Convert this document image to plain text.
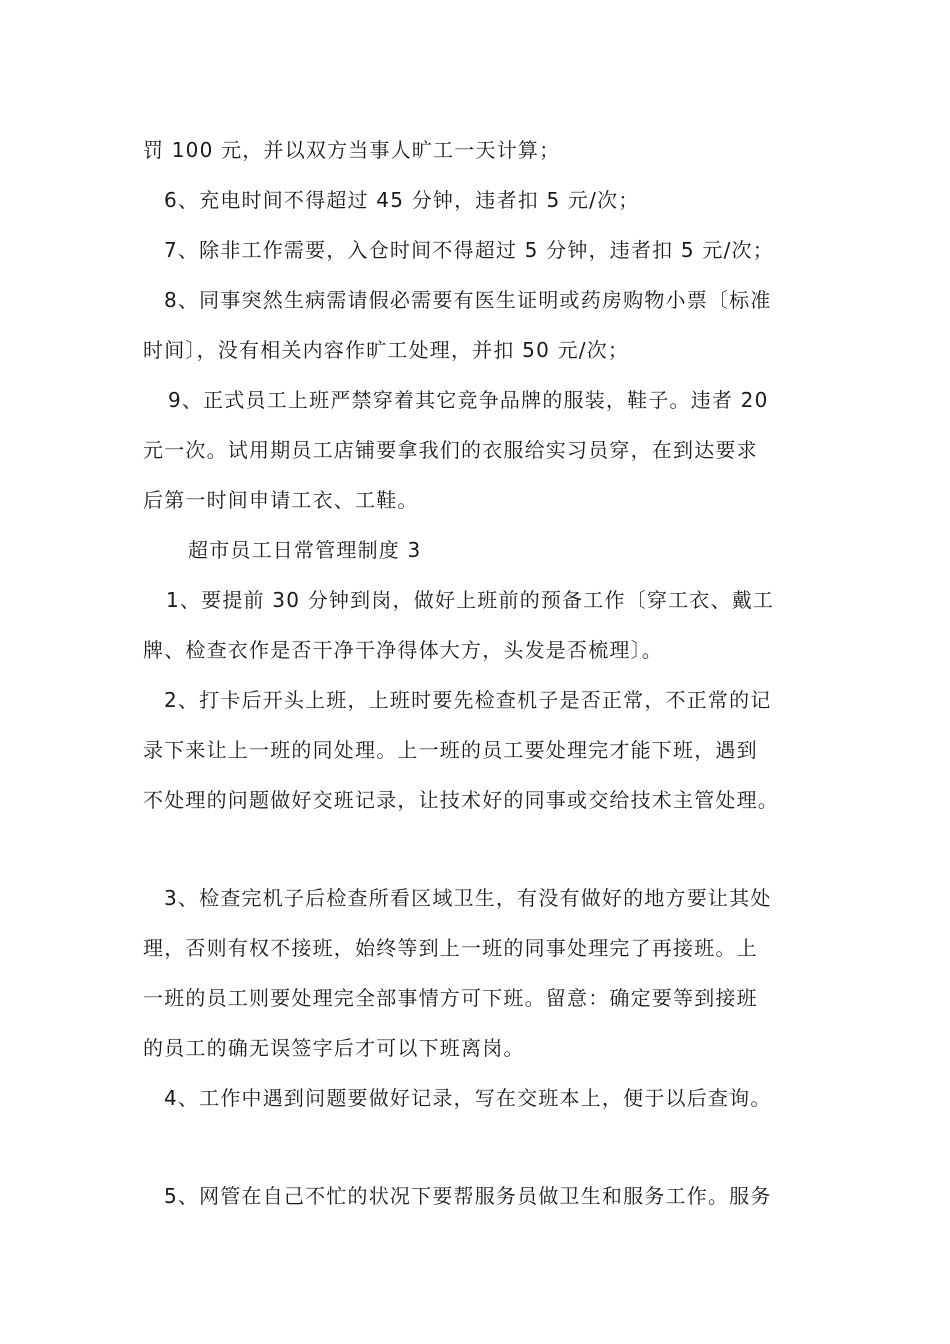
罚 100 元，并以双方当事人旷工一天计算；
6、充电时间不得超过 45 分钟，违者扣 5 元/次；
7、除非工作需要，入仓时间不得超过 5 分钟，违者扣 5 元/次；
8、同事突然生病需请假必需要有医生证明或药房购物小票〔标准
时间〕，没有相关内容作旷工处理，并扣 50 元/次；
9、正式员工上班严禁穿着其它竞争品牌的服装，鞋子。违者 20
元一次。试用期员工店铺要拿我们的衣服给实习员穿，在到达要求
后第一时间申请工衣、工鞋。
超市员工日常管理制度 3
1、要提前 30 分钟到岗，做好上班前的预备工作〔穿工衣、戴工
牌、检查衣作是否干净干净得体大方，头发是否梳理〕。
2、打卡后开头上班，上班时要先检查机子是否正常，不正常的记
录下来让上一班的同处理。上一班的员工要处理完才能下班，遇到
不处理的问题做好交班记录，让技术好的同事或交给技术主管处理。
3、检查完机子后检查所看区域卫生，有没有做好的地方要让其处
理，否则有权不接班，始终等到上一班的同事处理完了再接班。上
一班的员工则要处理完全部事情方可下班。留意：确定要等到接班
的员工的确无误签字后才可以下班离岗。
4、工作中遇到问题要做好记录，写在交班本上，便于以后查询。
5、网管在自己不忙的状况下要帮服务员做卫生和服务工作。服务
